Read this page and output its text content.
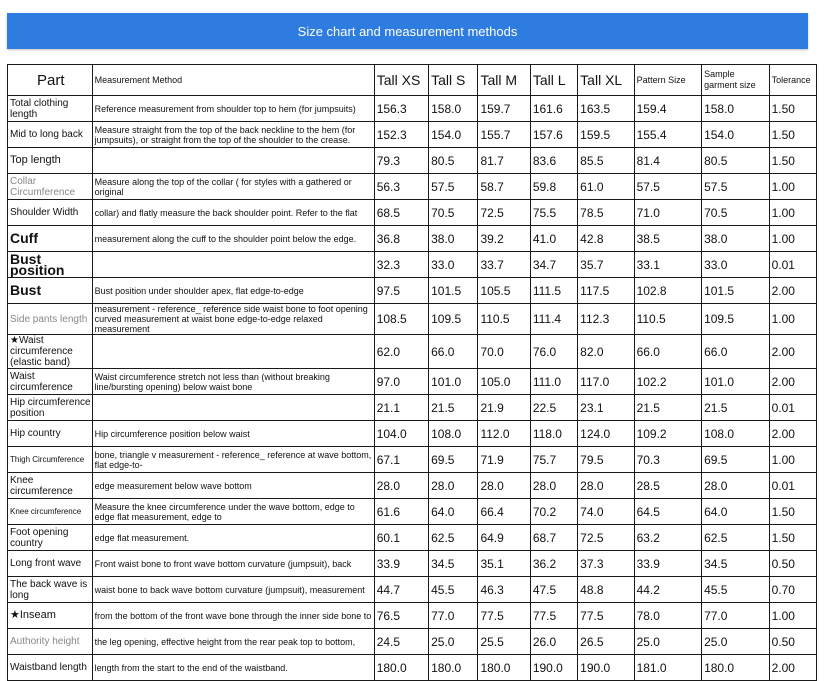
Size chart and measurement methods
Part	Measurement Method	Tall XS	Tall S	Tall M	Tall L	Tall XL	Pattern Size	Sample garment size	Tolerance
Total clothing length	Reference measurement from shoulder top to hem (for jumpsuits)	156.3	158.0	159.7	161.6	163.5	159.4	158.0	1.50
Mid to long back	Measure straight from the top of the back neckline to the hem (for jumpsuits), or straight from the top of the shoulder to the crease.	152.3	154.0	155.7	157.6	159.5	155.4	154.0	1.50
Top length		79.3	80.5	81.7	83.6	85.5	81.4	80.5	1.50
Collar Circumference	Measure along the top of the collar ( for styles with a gathered or original	56.3	57.5	58.7	59.8	61.0	57.5	57.5	1.00
Shoulder Width	collar) and flatly measure the back shoulder point. Refer to the flat	68.5	70.5	72.5	75.5	78.5	71.0	70.5	1.00
Cuff	measurement along the cuff to the shoulder point below the edge.	36.8	38.0	39.2	41.0	42.8	38.5	38.0	1.00
Bust position		32.3	33.0	33.7	34.7	35.7	33.1	33.0	0.01
Bust	Bust position under shoulder apex, flat edge-to-edge	97.5	101.5	105.5	111.5	117.5	102.8	101.5	2.00
Side pants length	measurement - reference_ reference side waist bone to foot opening curved measurement at waist bone edge-to-edge relaxed measurement	108.5	109.5	110.5	111.4	112.3	110.5	109.5	1.00
★Waist circumference (elastic band)		62.0	66.0	70.0	76.0	82.0	66.0	66.0	2.00
Waist circumference	Waist circumference stretch not less than (without breaking line/bursting opening) below waist bone	97.0	101.0	105.0	111.0	117.0	102.2	101.0	2.00
Hip circumference position		21.1	21.5	21.9	22.5	23.1	21.5	21.5	0.01
Hip country	Hip circumference position below waist	104.0	108.0	112.0	118.0	124.0	109.2	108.0	2.00
Thigh Circumference	bone, triangle v measurement - reference_ reference at wave bottom, flat edge-to-	67.1	69.5	71.9	75.7	79.5	70.3	69.5	1.00
Knee circumference	edge measurement below wave bottom	28.0	28.0	28.0	28.0	28.0	28.5	28.0	0.01
Knee circumference	Measure the knee circumference under the wave bottom, edge to edge flat measurement, edge to	61.6	64.0	66.4	70.2	74.0	64.5	64.0	1.50
Foot opening country	edge flat measurement.	60.1	62.5	64.9	68.7	72.5	63.2	62.5	1.50
Long front wave	Front waist bone to front wave bottom curvature (jumpsuit), back	33.9	34.5	35.1	36.2	37.3	33.9	34.5	0.50
The back wave is long	waist bone to back wave bottom curvature (jumpsuit), measurement	44.7	45.5	46.3	47.5	48.8	44.2	45.5	0.70
★Inseam	from the bottom of the front wave bone through the inner side bone to	76.5	77.0	77.5	77.5	77.5	78.0	77.0	1.00
Authority height	the leg opening, effective height from the rear peak top to bottom,	24.5	25.0	25.5	26.0	26.5	25.0	25.0	0.50
Waistband length	length from the start to the end of the waistband.	180.0	180.0	180.0	190.0	190.0	181.0	180.0	2.00
